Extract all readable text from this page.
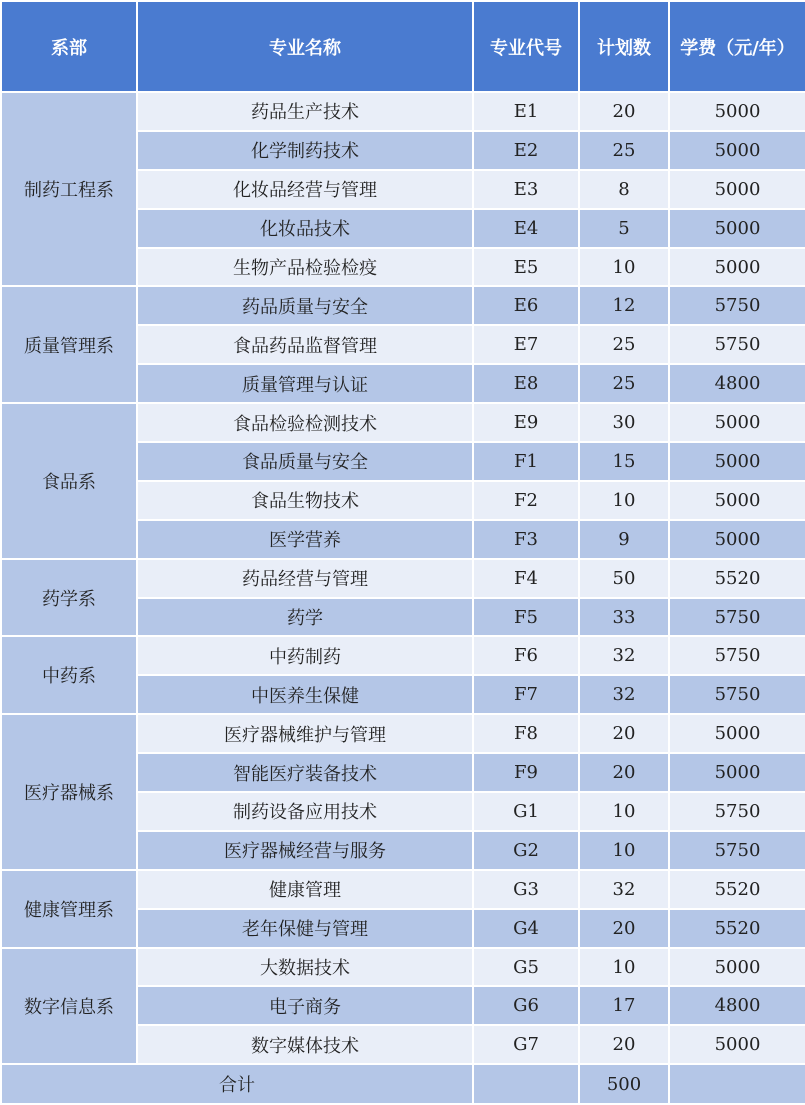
系部	专业名称	专业代号	计划数	学费（元/年）
制药工程系	药品生产技术	E1	20	5000
	化学制药技术	E2	25	5000
	化妆品经营与管理	E3	8	5000
	化妆品技术	E4	5	5000
	生物产品检验检疫	E5	10	5000
质量管理系	药品质量与安全	E6	12	5750
	食品药品监督管理	E7	25	5750
	质量管理与认证	E8	25	4800
食品系	食品检验检测技术	E9	30	5000
	食品质量与安全	F1	15	5000
	食品生物技术	F2	10	5000
	医学营养	F3	9	5000
药学系	药品经营与管理	F4	50	5520
	药学	F5	33	5750
中药系	中药制药	F6	32	5750
	中医养生保健	F7	32	5750
医疗器械系	医疗器械维护与管理	F8	20	5000
	智能医疗装备技术	F9	20	5000
	制药设备应用技术	G1	10	5750
	医疗器械经营与服务	G2	10	5750
健康管理系	健康管理	G3	32	5520
	老年保健与管理	G4	20	5520
数字信息系	大数据技术	G5	10	5000
	电子商务	G6	17	4800
	数字媒体技术	G7	20	5000
合计			500	
